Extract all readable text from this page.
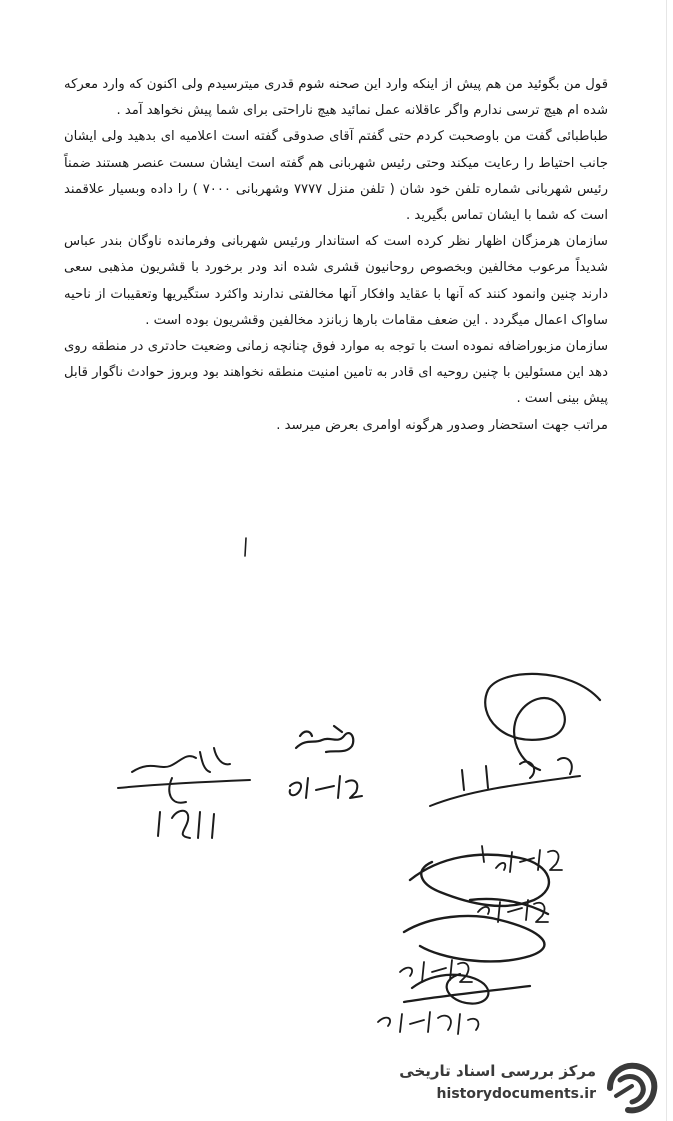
قول من بگوئید من هم پیش از اینکه وارد این صحنه شوم قدری میترسیدم ولی اکنون که وارد معرکه شده ام هیچ ترسی ندارم واگر عاقلانه عمل نمائید هیچ ناراحتی برای شما پیش نخواهد آمد .

طباطبائی گفت من باوصحبت کردم حتی گفتم آقای صدوقی گفته است اعلامیه ای بدهید ولی ایشان جانب احتیاط را رعایت میکند وحتی رئیس شهربانی هم گفته است ایشان سست عنصر هستند ضمناً رئیس شهربانی شماره تلفن خود شان ( تلفن منزل ۷۷۷۷ وشهربانی ۷۰۰۰ ) را داده وبسیار علاقمند است که شما با ایشان تماس بگیرید .

سازمان هرمزگان اظهار نظر کرده است که استاندار ورئیس شهربانی وفرمانده ناوگان بندر عباس شدیداً مرعوب مخالفین وبخصوص روحانیون قشری شده اند ودر برخورد با قشریون مذهبی سعی دارند چنین وانمود کنند که آنها با عقاید وافکار آنها مخالفتی ندارند واکثرد ستگیریها وتعقیبات از ناحیه ساواک اعمال میگردد . این ضعف مقامات بارها زبانزد مخالفین وقشریون بوده است .

سازمان مزبوراضافه نموده است با توجه به موارد فوق چنانچه زمانی وضعیت حادتری در منطقه روی دهد این مسئولین با چنین روحیه ای قادر به تامین امنیت منطقه نخواهند بود وبروز حوادث ناگوار قابل پیش بینی است .

مراتب جهت استحضار وصدور هرگونه اوامری بعرض میرسد .

مرکز بررسی اسناد تاریخی
historydocuments.ir
